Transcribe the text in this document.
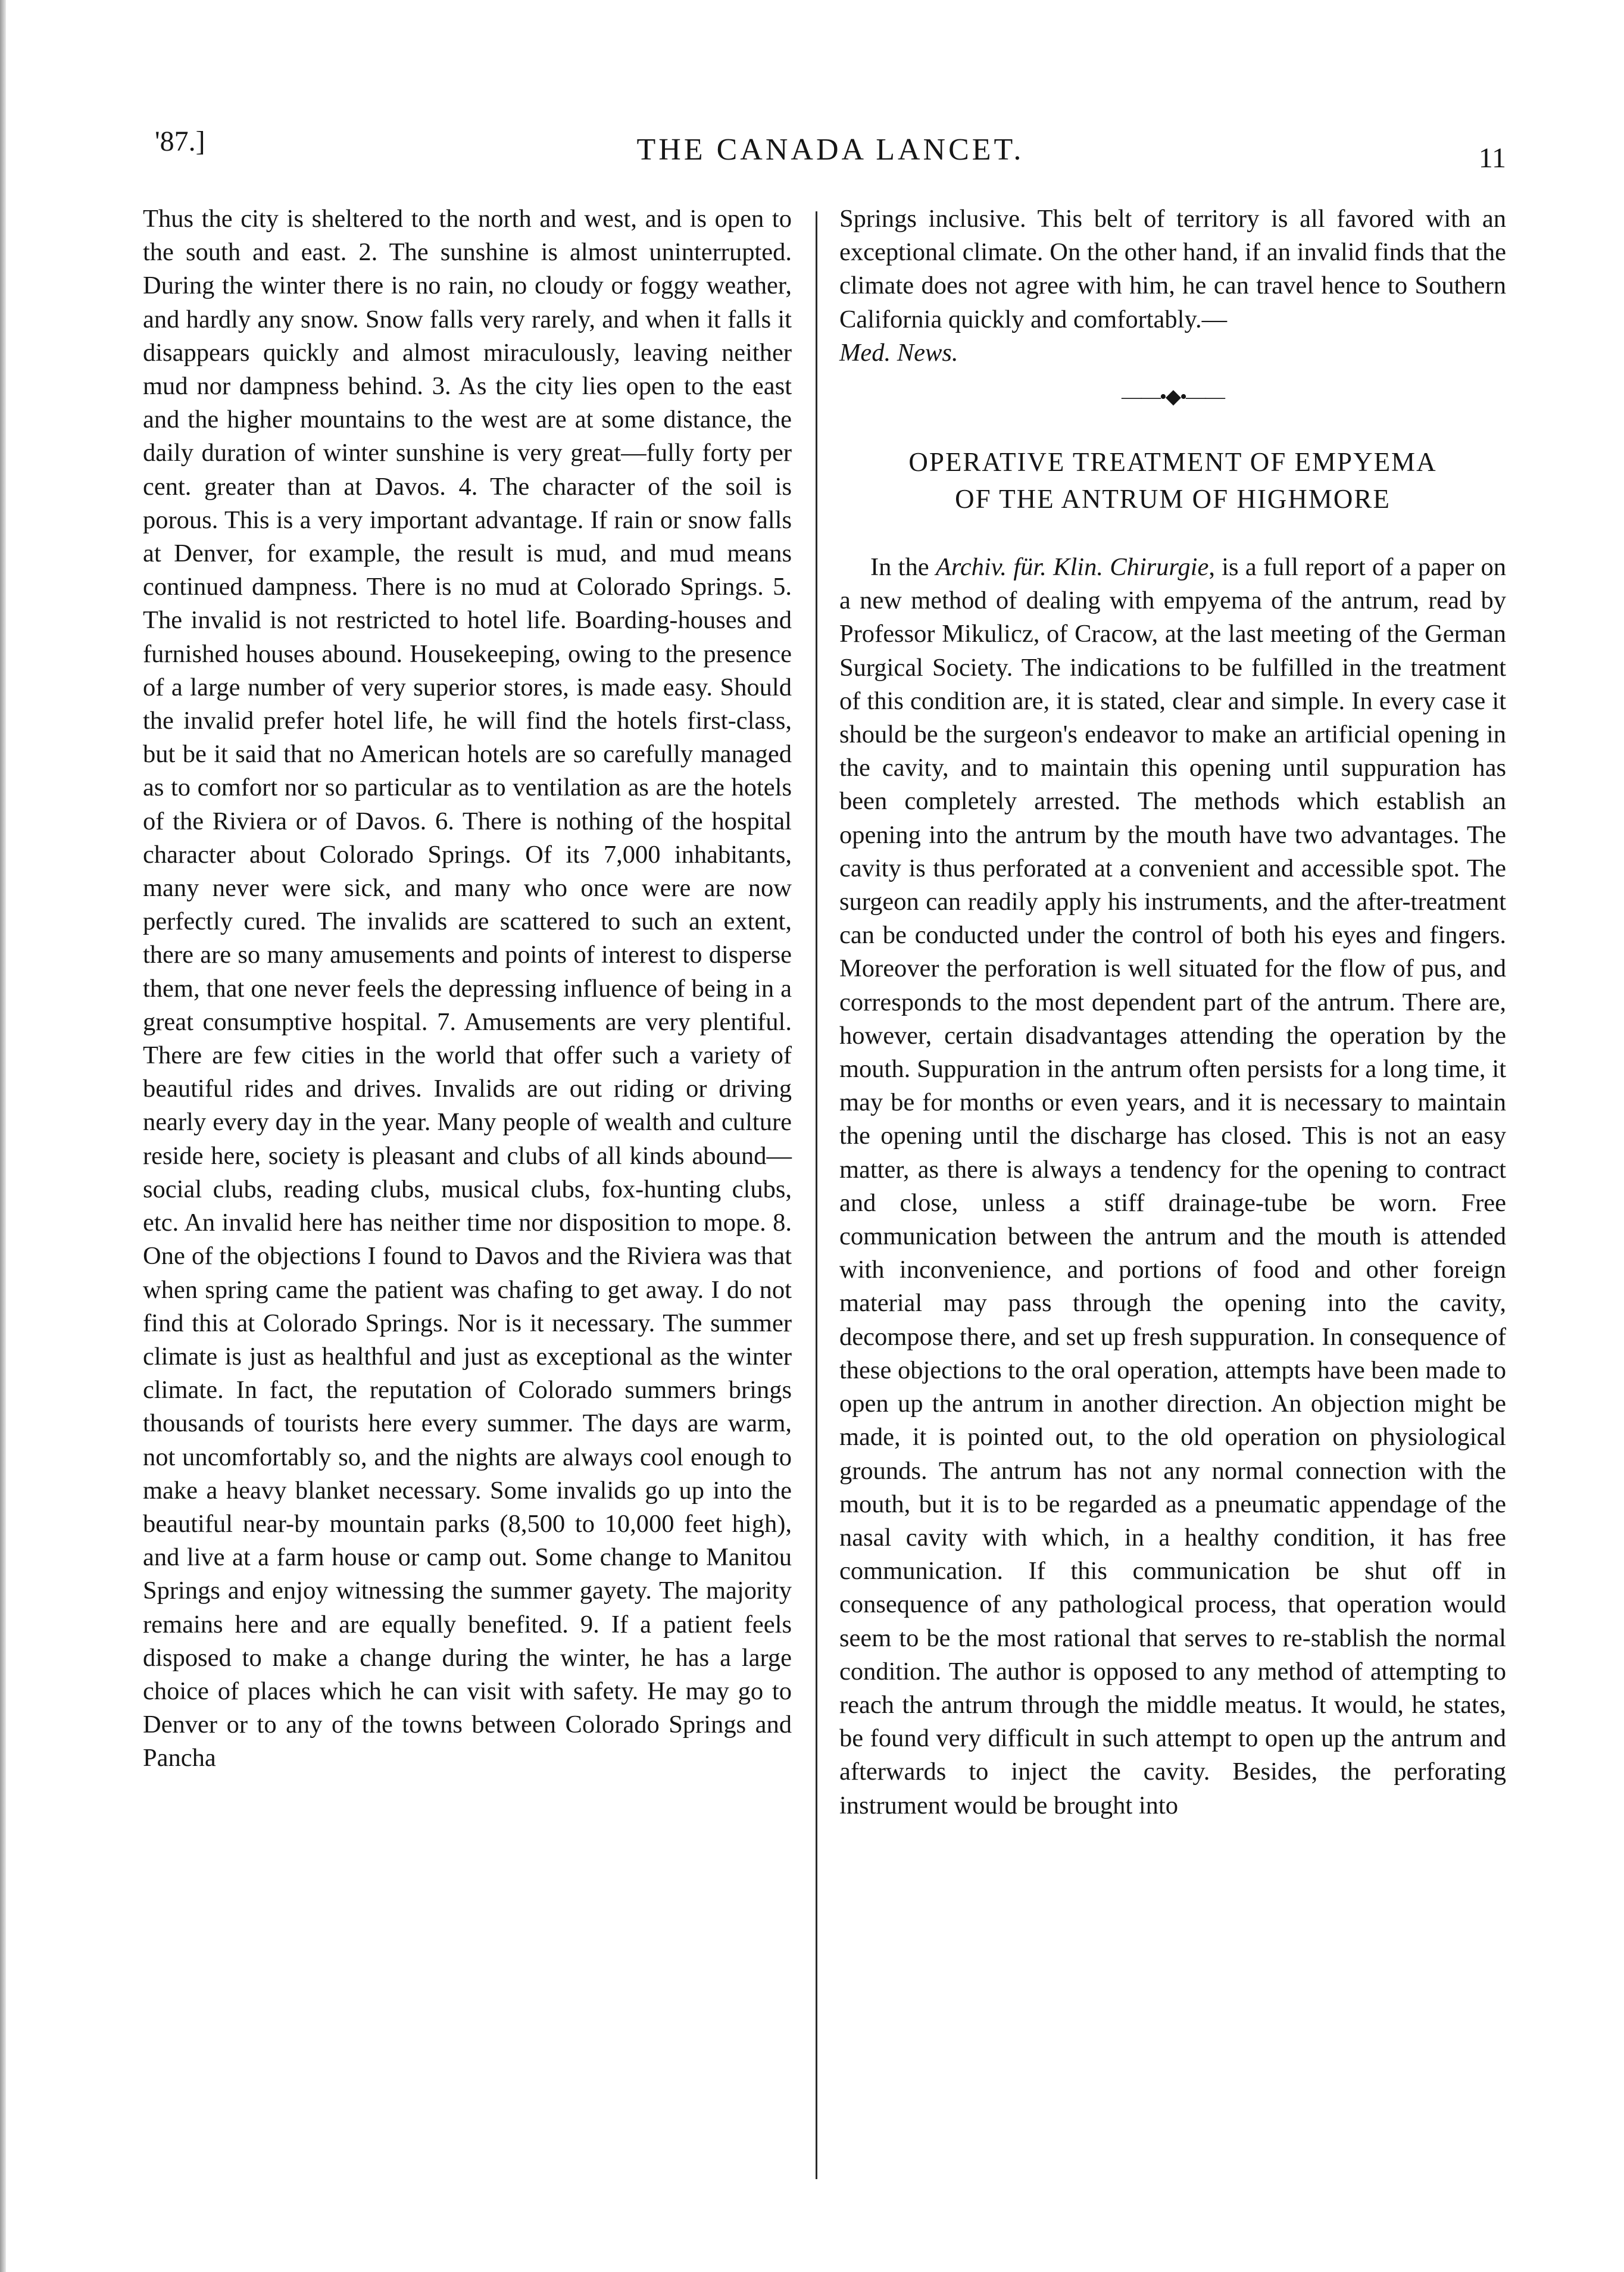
'87.]	THE CANADA LANCET.	11

Thus the city is sheltered to the north and west, and is open to the south and east. 2. The sunshine is almost uninterrupted. During the winter there is no rain, no cloudy or foggy weather, and hardly any snow. Snow falls very rarely, and when it falls it disappears quickly and almost miraculously, leaving neither mud nor dampness behind. 3. As the city lies open to the east and the higher mountains to the west are at some distance, the daily duration of winter sunshine is very great—fully forty per cent. greater than at Davos. 4. The character of the soil is porous. This is a very important advantage. If rain or snow falls at Denver, for example, the result is mud, and mud means continued dampness. There is no mud at Colorado Springs. 5. The invalid is not restricted to hotel life. Boarding-houses and furnished houses abound. Housekeeping, owing to the presence of a large number of very superior stores, is made easy. Should the invalid prefer hotel life, he will find the hotels first-class, but be it said that no American hotels are so carefully managed as to comfort nor so particular as to ventilation as are the hotels of the Riviera or of Davos. 6. There is nothing of the hospital character about Colorado Springs. Of its 7,000 inhabitants, many never were sick, and many who once were are now perfectly cured. The invalids are scattered to such an extent, there are so many amusements and points of interest to disperse them, that one never feels the depressing influence of being in a great consumptive hospital. 7. Amusements are very plentiful. There are few cities in the world that offer such a variety of beautiful rides and drives. Invalids are out riding or driving nearly every day in the year. Many people of wealth and culture reside here, society is pleasant and clubs of all kinds abound—social clubs, reading clubs, musical clubs, fox-hunting clubs, etc. An invalid here has neither time nor disposition to mope. 8. One of the objections I found to Davos and the Riviera was that when spring came the patient was chafing to get away. I do not find this at Colorado Springs. Nor is it necessary. The summer climate is just as healthful and just as exceptional as the winter climate. In fact, the reputation of Colorado summers brings thousands of tourists here every summer. The days are warm, not uncomfortably so, and the nights are always cool enough to make a heavy blanket necessary. Some invalids go up into the beautiful near-by mountain parks (8,500 to 10,000 feet high), and live at a farm house or camp out. Some change to Manitou Springs and enjoy witnessing the summer gayety. The majority remains here and are equally benefited. 9. If a patient feels disposed to make a change during the winter, he has a large choice of places which he can visit with safety. He may go to Denver or to any of the towns between Colorado Springs and Pancha

Springs inclusive. This belt of territory is all favored with an exceptional climate. On the other hand, if an invalid finds that the climate does not agree with him, he can travel hence to Southern California quickly and comfortably.—
Med. News.

——•◆•——
OPERATIVE TREATMENT OF EMPYEMA
OF THE ANTRUM OF HIGHMORE

In the Archiv. für. Klin. Chirurgie, is a full report of a paper on a new method of dealing with empyema of the antrum, read by Professor Mikulicz, of Cracow, at the last meeting of the German Surgical Society. The indications to be fulfilled in the treatment of this condition are, it is stated, clear and simple. In every case it should be the surgeon's endeavor to make an artificial opening in the cavity, and to maintain this opening until suppuration has been completely arrested. The methods which establish an opening into the antrum by the mouth have two advantages. The cavity is thus perforated at a convenient and accessible spot. The surgeon can readily apply his instruments, and the after-treatment can be conducted under the control of both his eyes and fingers. Moreover the perforation is well situated for the flow of pus, and corresponds to the most dependent part of the antrum. There are, however, certain disadvantages attending the operation by the mouth. Suppuration in the antrum often persists for a long time, it may be for months or even years, and it is necessary to maintain the opening until the discharge has closed. This is not an easy matter, as there is always a tendency for the opening to contract and close, unless a stiff drainage-tube be worn. Free communication between the antrum and the mouth is attended with inconvenience, and portions of food and other foreign material may pass through the opening into the cavity, decompose there, and set up fresh suppuration. In consequence of these objections to the oral operation, attempts have been made to open up the antrum in another direction. An objection might be made, it is pointed out, to the old operation on physiological grounds. The antrum has not any normal connection with the mouth, but it is to be regarded as a pneumatic appendage of the nasal cavity with which, in a healthy condition, it has free communication. If this communication be shut off in consequence of any pathological process, that operation would seem to be the most rational that serves to re-stablish the normal condition. The author is opposed to any method of attempting to reach the antrum through the middle meatus. It would, he states, be found very difficult in such attempt to open up the antrum and afterwards to inject the cavity. Besides, the perforating instrument would be brought into
